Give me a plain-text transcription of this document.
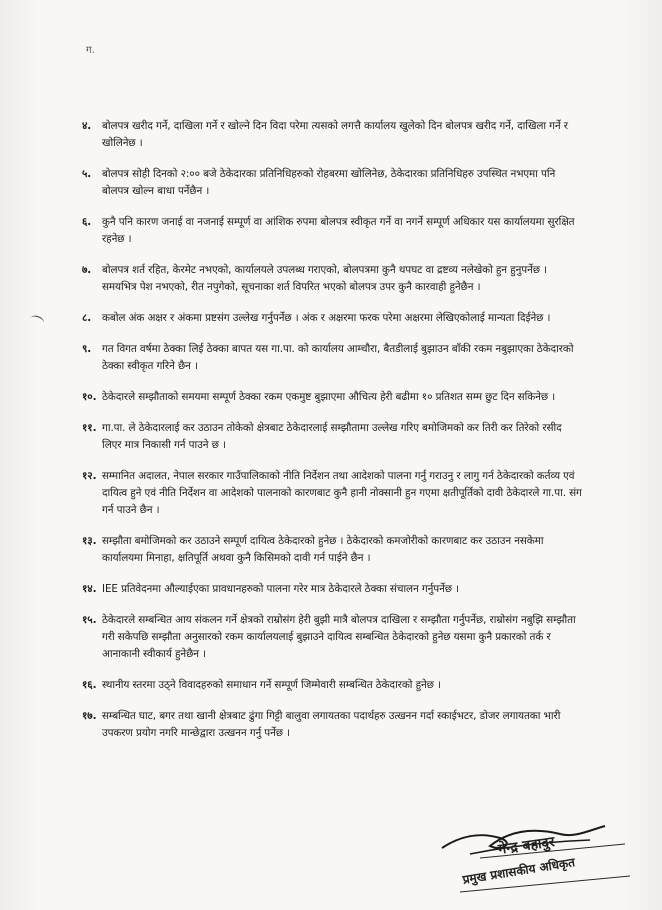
ग.
४. बोलपत्र खरीद गर्ने, दाखिला गर्ने र खोल्ने दिन विदा परेमा त्यसको लगत्तै कार्यालय खुलेको दिन बोलपत्र खरीद गर्ने, दाखिला गर्ने र खोलिनेछ ।
५. बोलपत्र सोही दिनको २:०० बजे ठेकेदारका प्रतिनिधिहरुको रोहबरमा खोलिनेछ, ठेकेदारका प्रतिनिधिहरु उपस्थित नभएमा पनि बोलपत्र खोल्न बाधा पर्नेछैन ।
६. कुनै पनि कारण जनाई वा नजनाई सम्पूर्ण वा आंशिक रुपमा बोलपत्र स्वीकृत गर्ने वा नगर्ने सम्पूर्ण अधिकार यस कार्यालयमा सुरक्षित रहनेछ ।
७. बोलपत्र शर्त रहित, केरमेट नभएको, कार्यालयले उपलब्ध गराएको, बोलपत्रमा कुनै थपघट वा द्रष्टव्य नलेखेको हुन हुनुपर्नेछ । समयभित्र पेश नभएको, रीत नपुगेको, सूचनाका शर्त विपरित भएको बोलपत्र उपर कुनै कारवाही हुनेछैन ।
८. कबोल अंक अक्षर र अंकमा प्रष्टसंग उल्लेख गर्नुपर्नेछ । अंक र अक्षरमा फरक परेमा अक्षरमा लेखिएकोलाई मान्यता दिईनेछ ।
९. गत विगत वर्षमा ठेक्का लिई ठेक्का बापत यस गा.पा. को कार्यालय आम्चौरा, बैतडीलाई बुझाउन बाँकी रकम नबुझाएका ठेकेदारको ठेक्का स्वीकृत गरिने छैन ।
१०. ठेकेदारले सम्झौताको समयमा सम्पूर्ण ठेक्का रकम एकमुष्ट बुझाएमा औचित्य हेरी बढीमा १० प्रतिशत सम्म छुट दिन सकिनेछ ।
११. गा.पा. ले ठेकेदारलाई कर उठाउन तोकेको क्षेत्रबाट ठेकेदारलाई सम्झौतामा उल्लेख गरिए बमोजिमको कर तिरी कर तिरेको रसीद लिएर मात्र निकासी गर्न पाउने छ ।
१२. सम्मानित अदालत, नेपाल सरकार गाउँपालिकाको नीति निर्देशन तथा आदेशको पालना गर्नु गराउनु र लागु गर्न ठेकेदारको कर्तव्य एवं दायित्व हुने एवं नीति निर्देशन वा आदेशको पालनाको कारणबाट कुनै हानी नोक्सानी हुन गएमा क्षतीपूर्तिको दावी ठेकेदारले गा.पा. संग गर्न पाउने छैन ।
१३. सम्झौता बमोजिमको कर उठाउने सम्पूर्ण दायित्व ठेकेदारको हुनेछ । ठेकेदारको कमजोरीको कारणबाट कर उठाउन नसकेमा कार्यालयमा मिनाहा, क्षतिपूर्ति अथवा कुनै किसिमको दावी गर्न पाईने छैन ।
१४. IEE प्रतिवेदनमा औल्याईएका प्रावधानहरुको पालना गरेर मात्र ठेकेदारले ठेक्का संचालन गर्नुपर्नेछ ।
१५. ठेकेदारले सम्बन्धित आय संकलन गर्ने क्षेत्रको राम्रोसंग हेरी बुझी मात्रै बोलपत्र दाखिला र सम्झौता गर्नुपर्नेछ, राम्रोसंग नबुझि सम्झौता गरी सकेपछि सम्झौता अनुसारको रकम कार्यालयलाई बुझाउने दायित्व सम्बन्धित ठेकेदारको हुनेछ यसमा कुनै प्रकारको तर्क र आनाकानी स्वीकार्य हुनेछैन ।
१६. स्थानीय स्तरमा उठ्ने विवादहरुको समाधान गर्ने सम्पूर्ण जिम्मेवारी सम्बन्धित ठेकेदारको हुनेछ ।
१७. सम्बन्धित घाट, बगर तथा खानी क्षेत्रबाट ढुंगा गिट्टी बालुवा लगायतका पदार्थहरु उत्खनन गर्दा स्काईभटर, डोजर लगायतका भारी उपकरण प्रयोग नगरि मान्छेद्वारा उत्खनन गर्नु पर्नेछ ।
गेन्द्र बहादुर
प्रमुख प्रशासकीय अधिकृत
